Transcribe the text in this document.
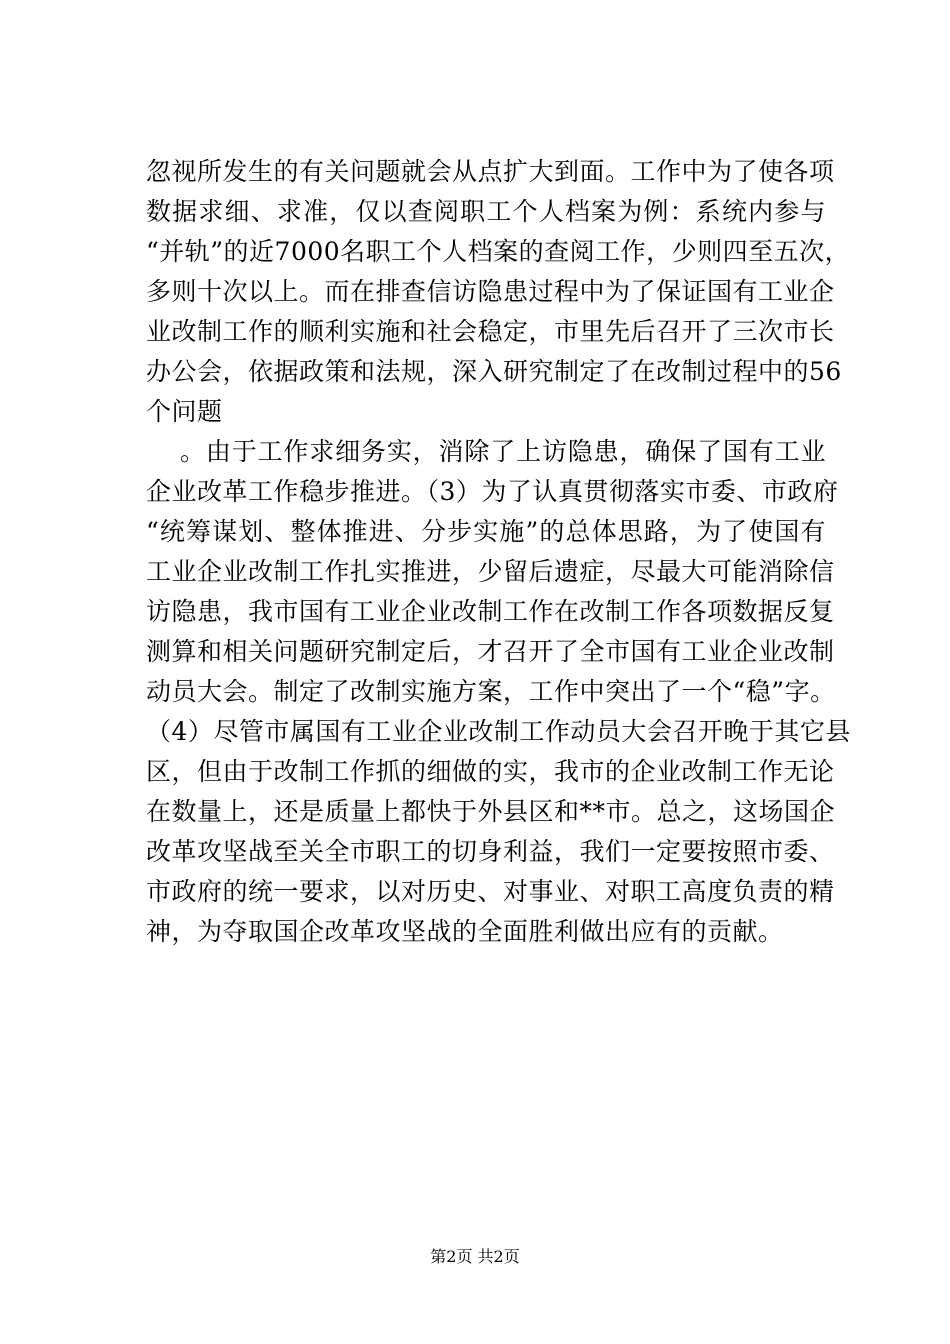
忽视所发生的有关问题就会从点扩大到面。工作中为了使各项
数据求细、求准，仅以查阅职工个人档案为例：系统内参与
“并轨”的近7000名职工个人档案的查阅工作，少则四至五次，
多则十次以上。而在排查信访隐患过程中为了保证国有工业企
业改制工作的顺利实施和社会稳定，市里先后召开了三次市长
办公会，依据政策和法规，深入研究制定了在改制过程中的56
个问题
。由于工作求细务实，消除了上访隐患，确保了国有工业
企业改革工作稳步推进。（3）为了认真贯彻落实市委、市政府
“统筹谋划、整体推进、分步实施”的总体思路，为了使国有
工业企业改制工作扎实推进，少留后遗症，尽最大可能消除信
访隐患，我市国有工业企业改制工作在改制工作各项数据反复
测算和相关问题研究制定后，才召开了全市国有工业企业改制
动员大会。制定了改制实施方案，工作中突出了一个“稳”字。
（4）尽管市属国有工业企业改制工作动员大会召开晚于其它县
区，但由于改制工作抓的细做的实，我市的企业改制工作无论
在数量上，还是质量上都快于外县区和**市。总之，这场国企
改革攻坚战至关全市职工的切身利益，我们一定要按照市委、
市政府的统一要求，以对历史、对事业、对职工高度负责的精
神，为夺取国企改革攻坚战的全面胜利做出应有的贡献。
第2页 共2页
